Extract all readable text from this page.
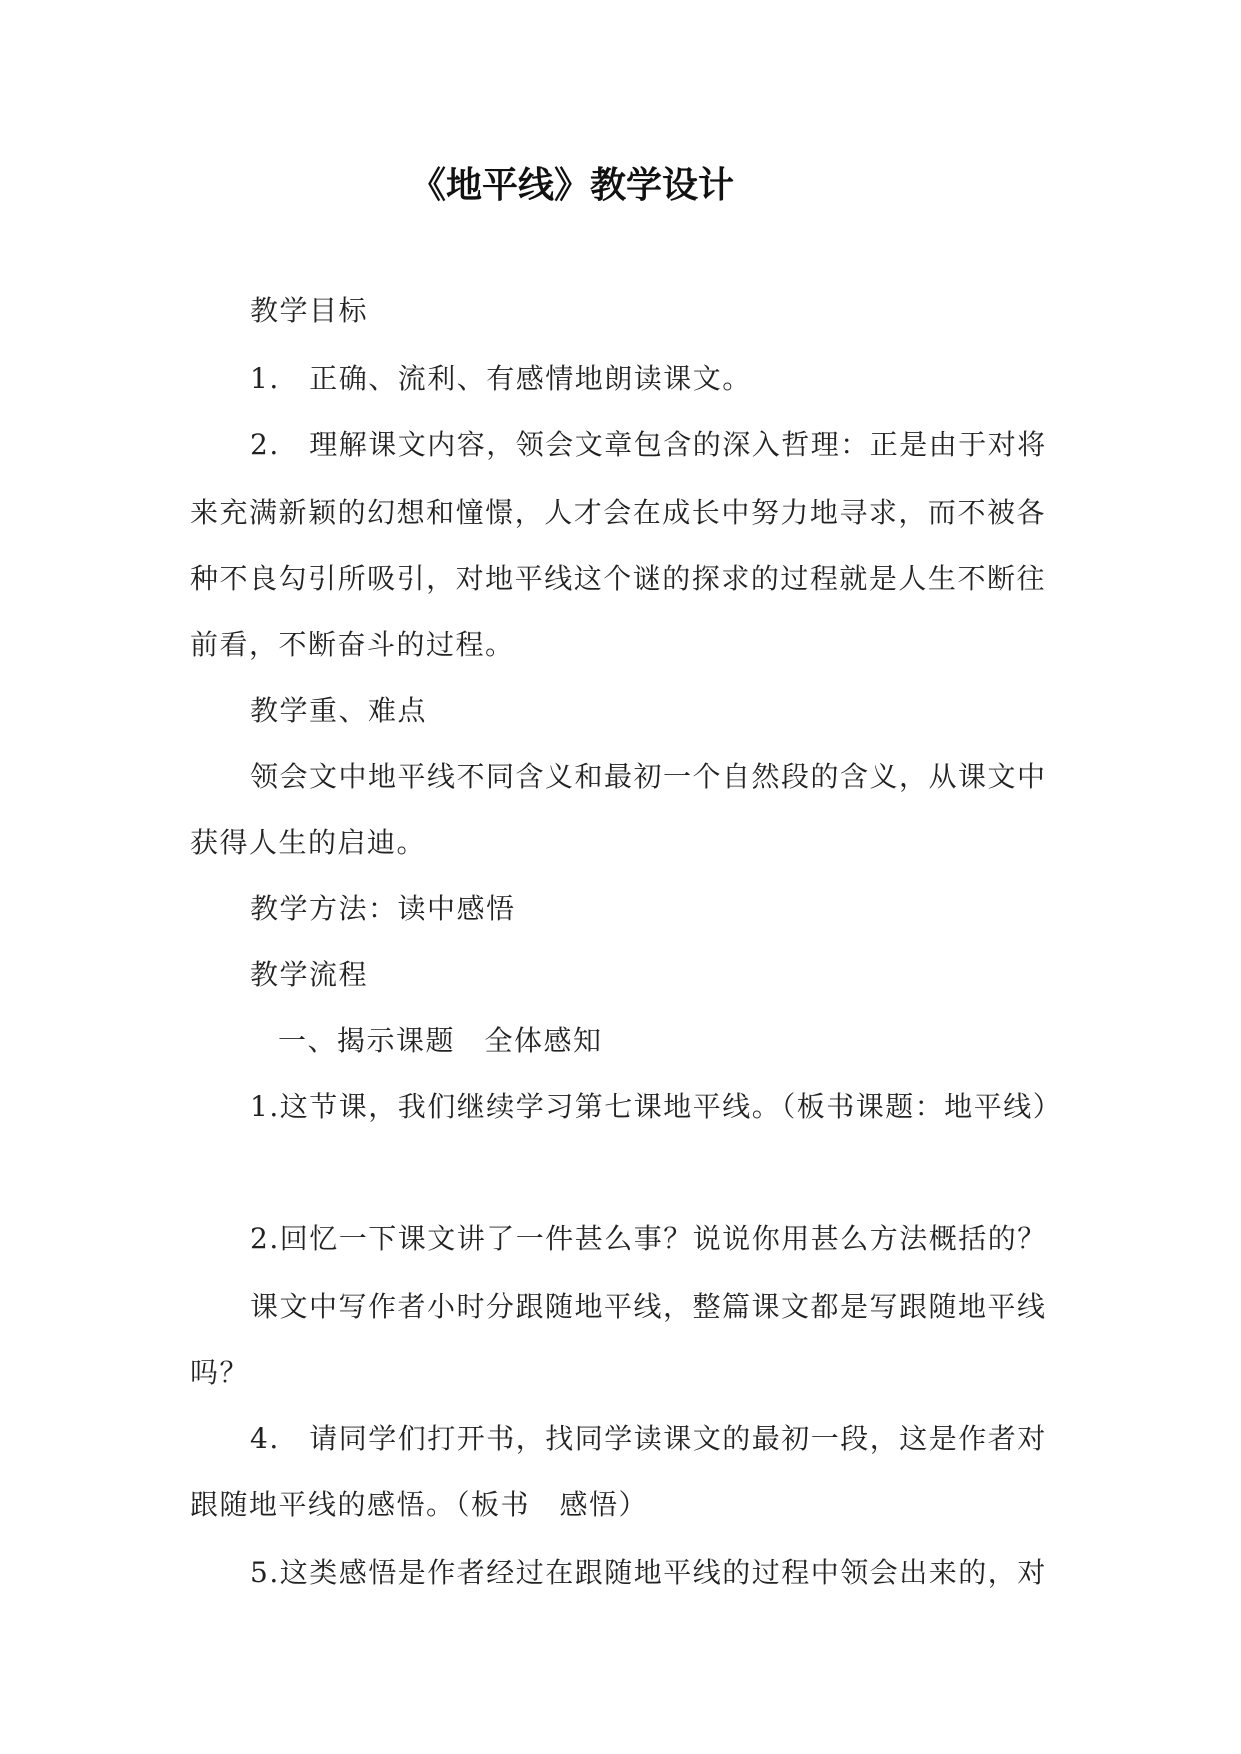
《地平线》教学设计
教学目标
1.　正确、流利、有感情地朗读课文。
2.　理解课文内容，领会文章包含的深入哲理：正是由于对将
来充满新颖的幻想和憧憬，人才会在成长中努力地寻求，而不被各
种不良勾引所吸引，对地平线这个谜的探求的过程就是人生不断往
前看，不断奋斗的过程。
教学重、难点
领会文中地平线不同含义和最初一个自然段的含义，从课文中
获得人生的启迪。
教学方法：读中感悟
教学流程
一、揭示课题　全体感知
1.这节课，我们继续学习第七课地平线。（板书课题：地平线）
2.回忆一下课文讲了一件甚么事？说说你用甚么方法概括的？
课文中写作者小时分跟随地平线，整篇课文都是写跟随地平线
吗？
4.　请同学们打开书，找同学读课文的最初一段，这是作者对
跟随地平线的感悟。（板书　感悟）
5.这类感悟是作者经过在跟随地平线的过程中领会出来的，对
